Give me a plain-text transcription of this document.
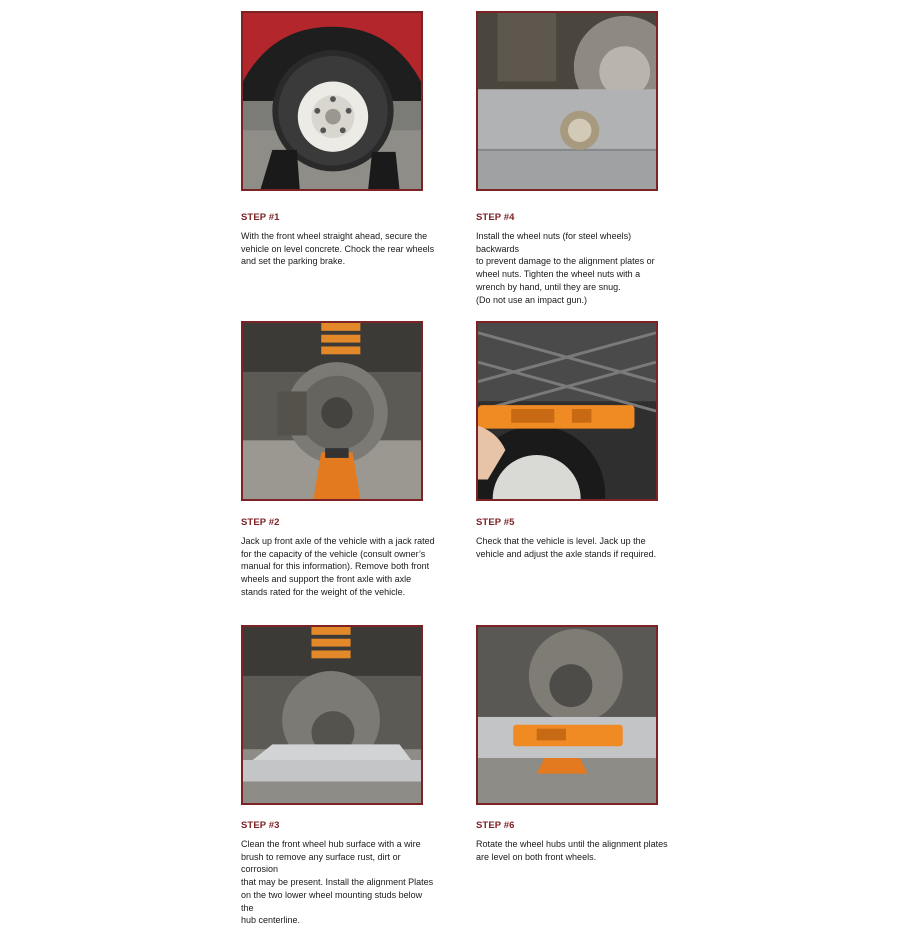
STEP #1

With the front wheel straight ahead, secure the
vehicle on level concrete. Chock the rear wheels
and set the parking brake.

STEP #4

Install the wheel nuts (for steel wheels) backwards
to prevent damage to the alignment plates or
wheel nuts. Tighten the wheel nuts with a
wrench by hand, until they are snug.
(Do not use an impact gun.)

STEP #2

Jack up front axle of the vehicle with a jack rated
for the capacity of the vehicle (consult owner’s
manual for this information). Remove both front
wheels and support the front axle with axle
stands rated for the weight of the vehicle.

STEP #5

Check that the vehicle is level. Jack up the
vehicle and adjust the axle stands if required.

STEP #3

Clean the front wheel hub surface with a wire
brush to remove any surface rust, dirt or corrosion
that may be present. Install the alignment Plates
on the two lower wheel mounting studs below the
hub centerline.

STEP #6

Rotate the wheel hubs until the alignment plates
are level on both front wheels.
